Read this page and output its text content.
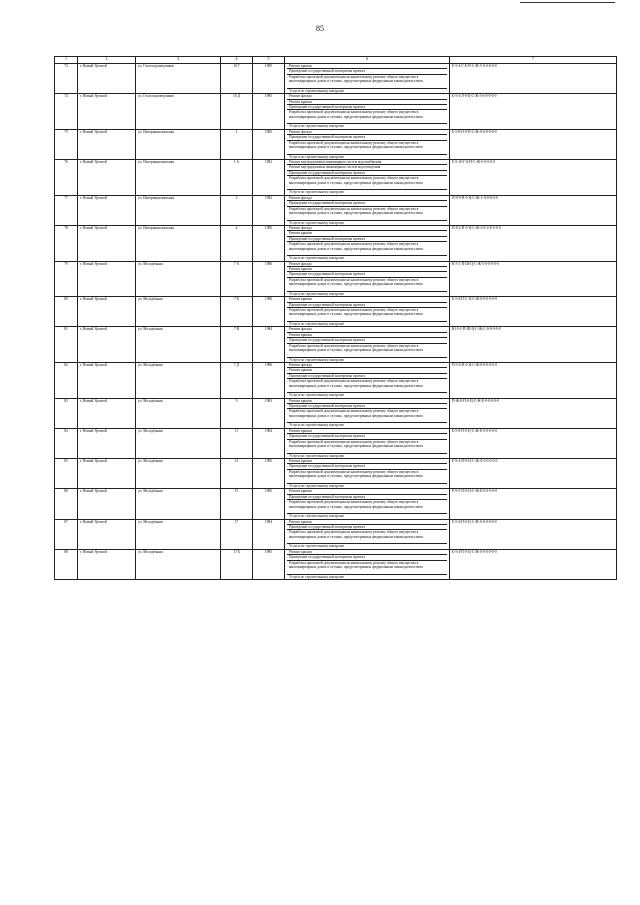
85
1	2	3	4	5	6	7
73	г. Новый Уренгой	ул. Геологоразведчиков	10 Г	1985	Ремонт крыши
Проведение государственной экспертизы проекта
Разработка проектной документации на капитальному ремонту общего имущества в многоквартирных домах в случаях, предусмотренных федеральным законодательством
Услуги по строительному контролю	Ё-5-4-Г-Е-П-С-Ж-5-0-0-0-0-0
74	г. Новый Уренгой	ул. Геологоразведчиков	16 Д	1985	Ремонт фасада
Ремонт крыши
Проведение государственной экспертизы проекта
Разработка проектной документации на капитальному ремонту общего имущества в многоквартирных домах в случаях, предусмотренных федеральным законодательством
Услуги по строительному контролю	Б-5-4-Л-0-Ц-С-Ж-5-6-0-0-0-0
75	г. Новый Уренгой	ул. Интернациональная	1	1982	Ремонт фасада
Проведение государственной экспертизы проекта
Разработка проектной документации на капитальному ремонту общего имущества в многоквартирных домах в случаях, предусмотренных федеральным законодательством
Услуги по строительному контролю	Б-5-8-П-0-П-С-Ж-0-0-0-0-0-0
76	г. Новый Уренгой	ул. Интернациональная	1 А	1982	Ремонт внутридомовых инженерных систем водоснабжения
Ремонт внутридомовых инженерных систем водоотведения
Проведение государственной экспертизы проекта
Разработка проектной документации на капитальному ремонту общего имущества в многоквартирных домах в случаях, предусмотренных федеральным законодательством
Услуги по строительному контролю	Б-5-10-Г-0-П-С-Ж-0-0-0-0-0
77	г. Новый Уренгой	ул. Интернациональная	3	1982	Ремонт фасада
Проведение государственной экспертизы проекта
Разработка проектной документации на капитальному ремонту общего имущества в многоквартирных домах в случаях, предусмотренных федеральным законодательством
Услуги по строительному контролю	П-9-9-П-0-Ц-С-Ж-1-Л-0-0-0-0
78	г. Новый Уренгой	ул. Интернациональная	4	1985	Ремонт фасада
Ремонт крыши
Проведение государственной экспертизы проекта
Разработка проектной документации на капитальному ремонту общего имущества в многоквартирных домах в случаях, предусмотренных федеральным законодательством
Услуги по строительному контролю	П-8-2-П-0-Ц-С-Ж-2-Е-4-Е-0-0-0
79	г. Новый Уренгой	ул. Молодёжная	7 А	1986	Ремонт фасада
Ремонт крыши
Проведение государственной экспертизы проекта
Разработка проектной документации на капитальному ремонту общего имущества в многоквартирных домах в случаях, предусмотренных федеральным законодательством
Услуги по строительному контролю	К-5-1-П-Ш-Ц-С-Ж-5-0-0-0-0-0
80	г. Новый Уренгой	ул. Молодёжная	7 Б	1986	Ремонт крыши
Проведение государственной экспертизы проекта
Разработка проектной документации на капитальному ремонту общего имущества в многоквартирных домах в случаях, предусмотренных федеральным законодательством
Услуги по строительному контролю	Б-5-4-П-С-Ц-С-Ж-0-0-0-0-0-0
81	г. Новый Уренгой	ул. Молодёжная	7 В	1984	Ремонт фасада
Ремонт крыши
Проведение государственной экспертизы проекта
Разработка проектной документации на капитальному ремонту общего имущества в многоквартирных домах в случаях, предусмотренных федеральным законодательством
Услуги по строительному контролю	Ю-5-1-П-Ш-Ц-С-Ж-С-0-0-0-0-0
82	г. Новый Уренгой	ул. Молодёжная	7 Д	1986	Ремонт фасада
Ремонт крыши
Проведение государственной экспертизы проекта
Разработка проектной документации на капитальному ремонту общего имущества в многоквартирных домах в случаях, предусмотренных федеральным законодательством
Услуги по строительному контролю	П-3-4-П-0-Ц-С-Ж-0-0-0-0-0-0
83	г. Новый Уренгой	ул. Молодёжная	9	1983	Ремонт крыши
Проведение государственной экспертизы проекта
Разработка проектной документации на капитальному ремонту общего имущества в многоквартирных домах в случаях, предусмотренных федеральным законодательством
Услуги по строительному контролю	П-Ж-0-П-0-Ц-С-Ж-Е-0-0-0-0-0
84	г. Новый Уренгой	ул. Молодёжная	11	1984	Ремонт крыши
Проведение государственной экспертизы проекта
Разработка проектной документации на капитальному ремонту общего имущества в многоквартирных домах в случаях, предусмотренных федеральным законодательством
Услуги по строительному контролю	Б-5-8-П-0-Ц-С-Ж-Е-0-0-0-0-0
85	г. Новый Уренгой	ул. Молодёжная	13	1985	Ремонт крыши
Проведение государственной экспертизы проекта
Разработка проектной документации на капитальному ремонту общего имущества в многоквартирных домах в случаях, предусмотренных федеральным законодательством
Услуги по строительному контролю	Ё-9-4-П-0-Ц-С-Ж-Л-0-0-0-0-0
86	г. Новый Уренгой	ул. Молодёжная	15	1985	Ремонт крыши
Проведение государственной экспертизы проекта
Разработка проектной документации на капитальному ремонту общего имущества в многоквартирных домах в случаях, предусмотренных федеральным законодательством
Услуги по строительному контролю	Ё-9-5-П-0-Ц-С-Ж-Е-0-0-0-0-0
87	г. Новый Уренгой	ул. Молодёжная	17	1984	Ремонт крыши
Проведение государственной экспертизы проекта
Разработка проектной документации на капитальному ремонту общего имущества в многоквартирных домах в случаях, предусмотренных федеральным законодательством
Услуги по строительному контролю	Б-5-4-П-0-Ц-С-Ж-0-0-0-0-0-0
88	г. Новый Уренгой	ул. Молодёжная	17 Б	1985	Ремонт крыши
Проведение государственной экспертизы проекта
Разработка проектной документации на капитальному ремонту общего имущества в многоквартирных домах в случаях, предусмотренных федеральным законодательством
Услуги по строительному контролю	Б-5-4-П-0-Ц-С-Ж-0-0-0-0-0-0
